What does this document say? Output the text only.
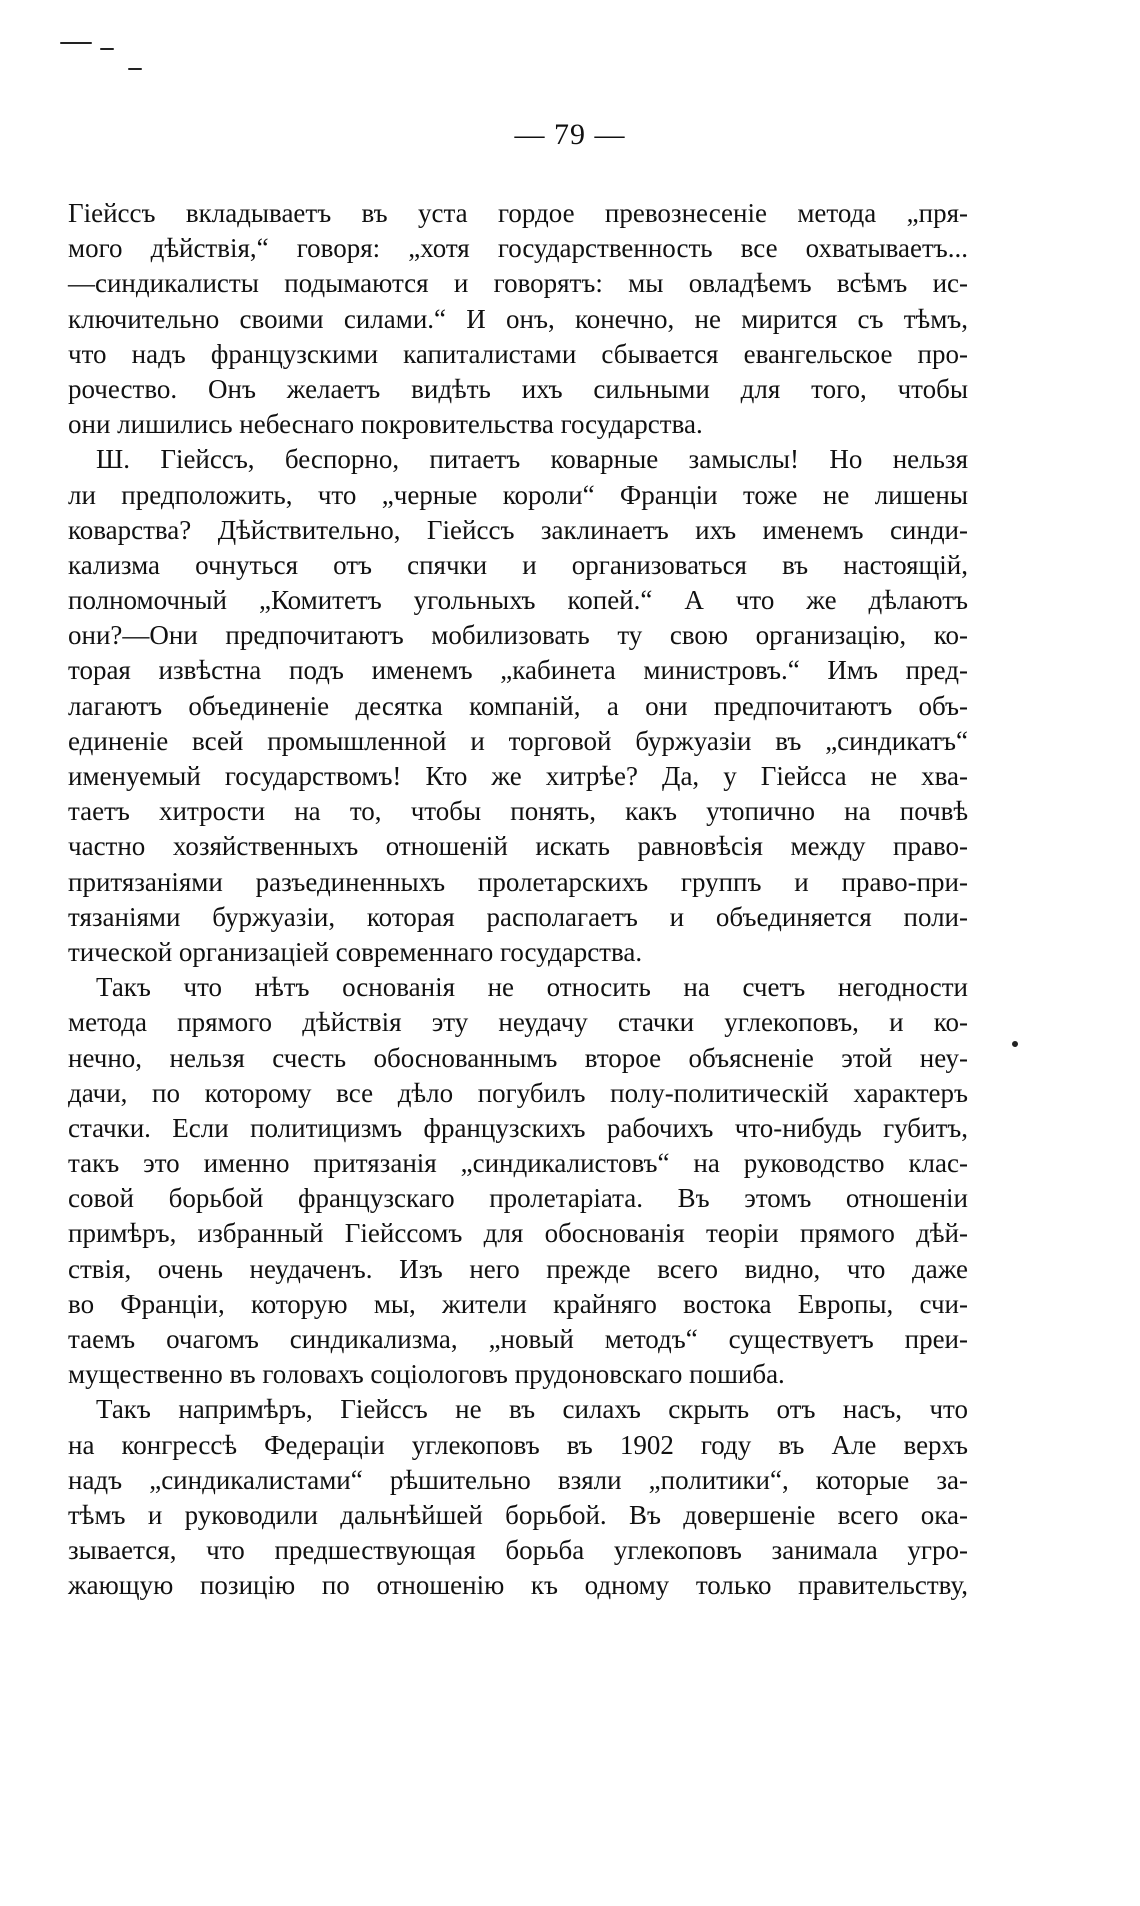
— 79 —
Гiейссъ вкладываетъ въ уста гордое превознесенiе метода „пря-
мого дѣйствiя,“ говоря: „хотя государственность все охватываетъ...
—синдикалисты подымаются и говорятъ: мы овладѣемъ всѣмъ ис-
ключительно своими силами.“ И онъ, конечно, не мирится съ тѣмъ,
что надъ французскими капиталистами сбывается евангельское про-
рочество. Онъ желаетъ видѣть ихъ сильными для того, чтобы
они лишились небеснаго покровительства государства.
Ш. Гiейссъ, беспорно, питаетъ коварные замыслы! Но нельзя
ли предположить, что „черные короли“ Францiи тоже не лишены
коварства? Дѣйствительно, Гiейссъ заклинаетъ ихъ именемъ синди-
кализма очнуться отъ спячки и организоваться въ настоящiй,
полномочный „Комитетъ угольныхъ копей.“ А что же дѣлаютъ
они?—Они предпочитаютъ мобилизовать ту свою организацiю, ко-
торая извѣстна подъ именемъ „кабинета министровъ.“ Имъ пред-
лагаютъ объединенiе десятка компанiй, а они предпочитаютъ объ-
единенiе всей промышленной и торговой буржуазiи въ „синдикатъ“
именуемый государствомъ! Кто же хитрѣе? Да, у Гiейсса не хва-
таетъ хитрости на то, чтобы понять, какъ утопично на почвѣ
частно хозяйственныхъ отношенiй искать равновѣсiя между право-
притязанiями разъединенныхъ пролетарскихъ группъ и право-при-
тязанiями буржуазiи, которая располагаетъ и объединяется поли-
тической организацiей современнаго государства.
Такъ что нѣтъ основанiя не относить на счетъ негодности
метода прямого дѣйствiя эту неудачу стачки углекоповъ, и ко-
нечно, нельзя счесть обоснованнымъ второе объясненiе этой неу-
дачи, по которому все дѣло погубилъ полу-политическiй характеръ
стачки. Если политицизмъ французскихъ рабочихъ что-нибудь губитъ,
такъ это именно притязанiя „синдикалистовъ“ на руководство клас-
совой борьбой французскаго пролетарiата. Въ этомъ отношенiи
примѣръ, избранный Гiейссомъ для обоснованiя теорiи прямого дѣй-
ствiя, очень неудаченъ. Изъ него прежде всего видно, что даже
во Францiи, которую мы, жители крайняго востока Европы, счи-
таемъ очагомъ синдикализма, „новый методъ“ существуетъ преи-
мущественно въ головахъ соцiологовъ прудоновскаго пошиба.
Такъ напримѣръ, Гiейссъ не въ силахъ скрыть отъ насъ, что
на конгрессѣ Федерацiи углекоповъ въ 1902 году въ Але верхъ
надъ „синдикалистами“ рѣшительно взяли „политики“, которые за-
тѣмъ и руководили дальнѣйшей борьбой. Въ довершенiе всего ока-
зывается, что предшествующая борьба углекоповъ занимала угро-
жающую позицiю по отношенiю къ одному только правительству,
